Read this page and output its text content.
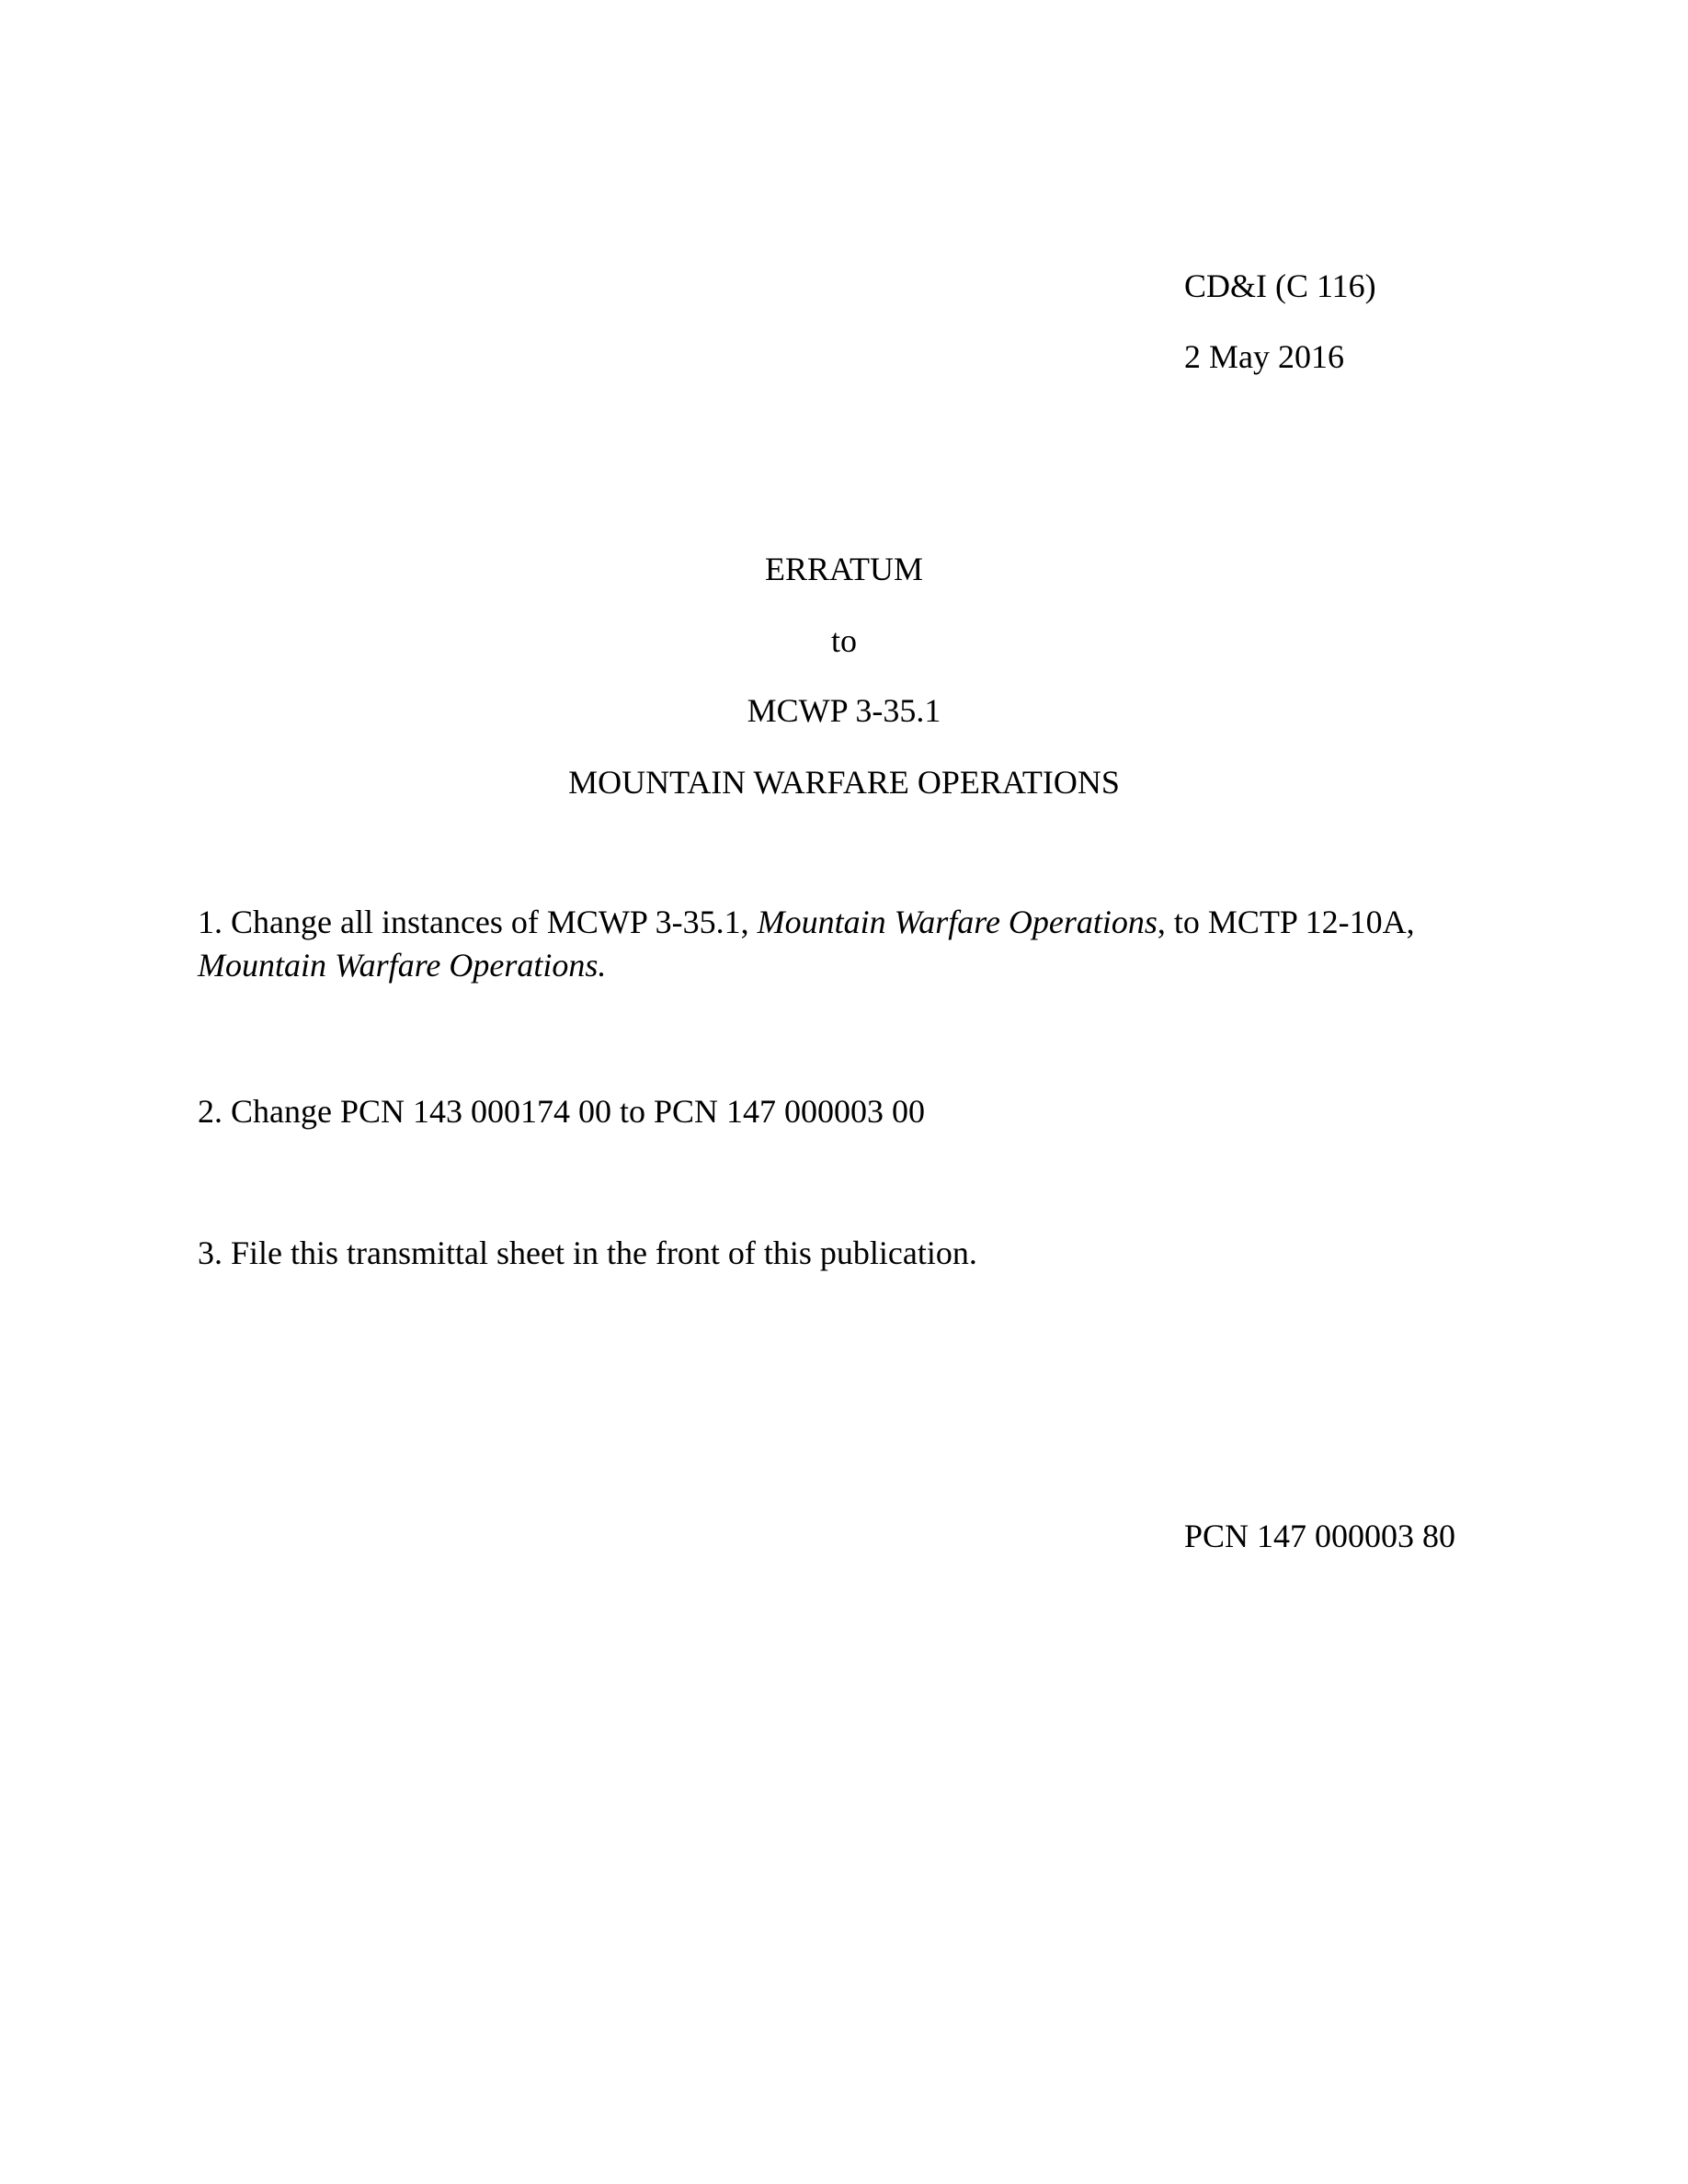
CD&I (C 116)
2 May 2016
ERRATUM
to
MCWP 3-35.1
MOUNTAIN WARFARE OPERATIONS
1. Change all instances of MCWP 3-35.1, Mountain Warfare Operations, to MCTP 12-10A,
Mountain Warfare Operations.
2. Change PCN 143 000174 00 to PCN 147 000003 00
3. File this transmittal sheet in the front of this publication.
PCN 147 000003 80
